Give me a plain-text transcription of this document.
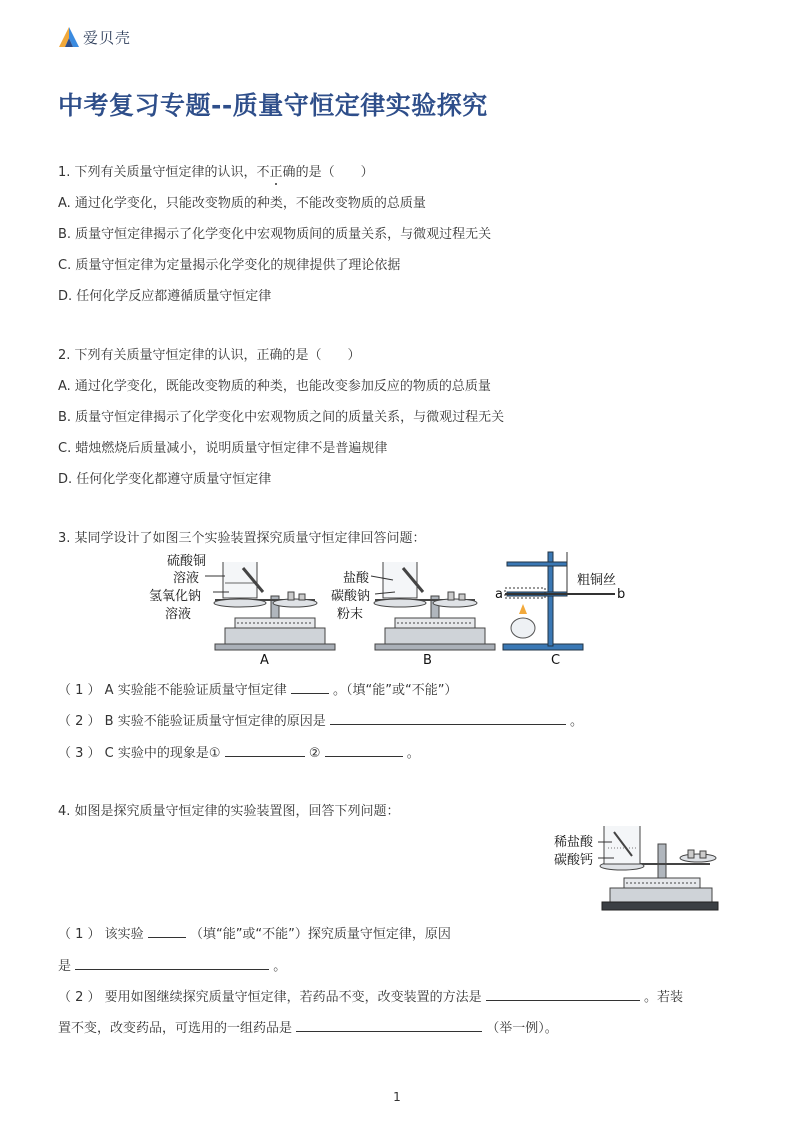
爱贝壳
中考复习专题--质量守恒定律实验探究
1. 下列有关质量守恒定律的认识，不正确的是（　　）
A. 通过化学变化，只能改变物质的种类，不能改变物质的总质量
B. 质量守恒定律揭示了化学变化中宏观物质间的质量关系，与微观过程无关
C. 质量守恒定律为定量揭示化学变化的规律提供了理论依据
D. 任何化学反应都遵循质量守恒定律
2. 下列有关质量守恒定律的认识，正确的是（　　）
A. 通过化学变化，既能改变物质的种类，也能改变参加反应的物质的总质量
B. 质量守恒定律揭示了化学变化中宏观物质之间的质量关系，与微观过程无关
C. 蜡烛燃烧后质量减小，说明质量守恒定律不是普遍规律
D. 任何化学变化都遵守质量守恒定律
3. 某同学设计了如图三个实验装置探究质量守恒定律回答问题：
硫酸铜
溶液
氢氧化钠
溶液
A
盐酸
碳酸钠
粉末
B
a	b
粗铜丝
C
（ 1 ） A 实验能不能验证质量守恒定律	。（填“能”或“不能”）
（ 2 ） B 实验不能验证质量守恒定律的原因是	。
（ 3 ） C 实验中的现象是①	②	。
4. 如图是探究质量守恒定律的实验装置图，回答下列问题：
稀盐酸
碳酸钙
（ 1 ） 该实验	（填“能”或“不能”）探究质量守恒定律，原因
是	。
（ 2 ） 要用如图继续探究质量守恒定律，若药品不变，改变装置的方法是	。若装
置不变，改变药品，可选用的一组药品是	（举一例）。
1
